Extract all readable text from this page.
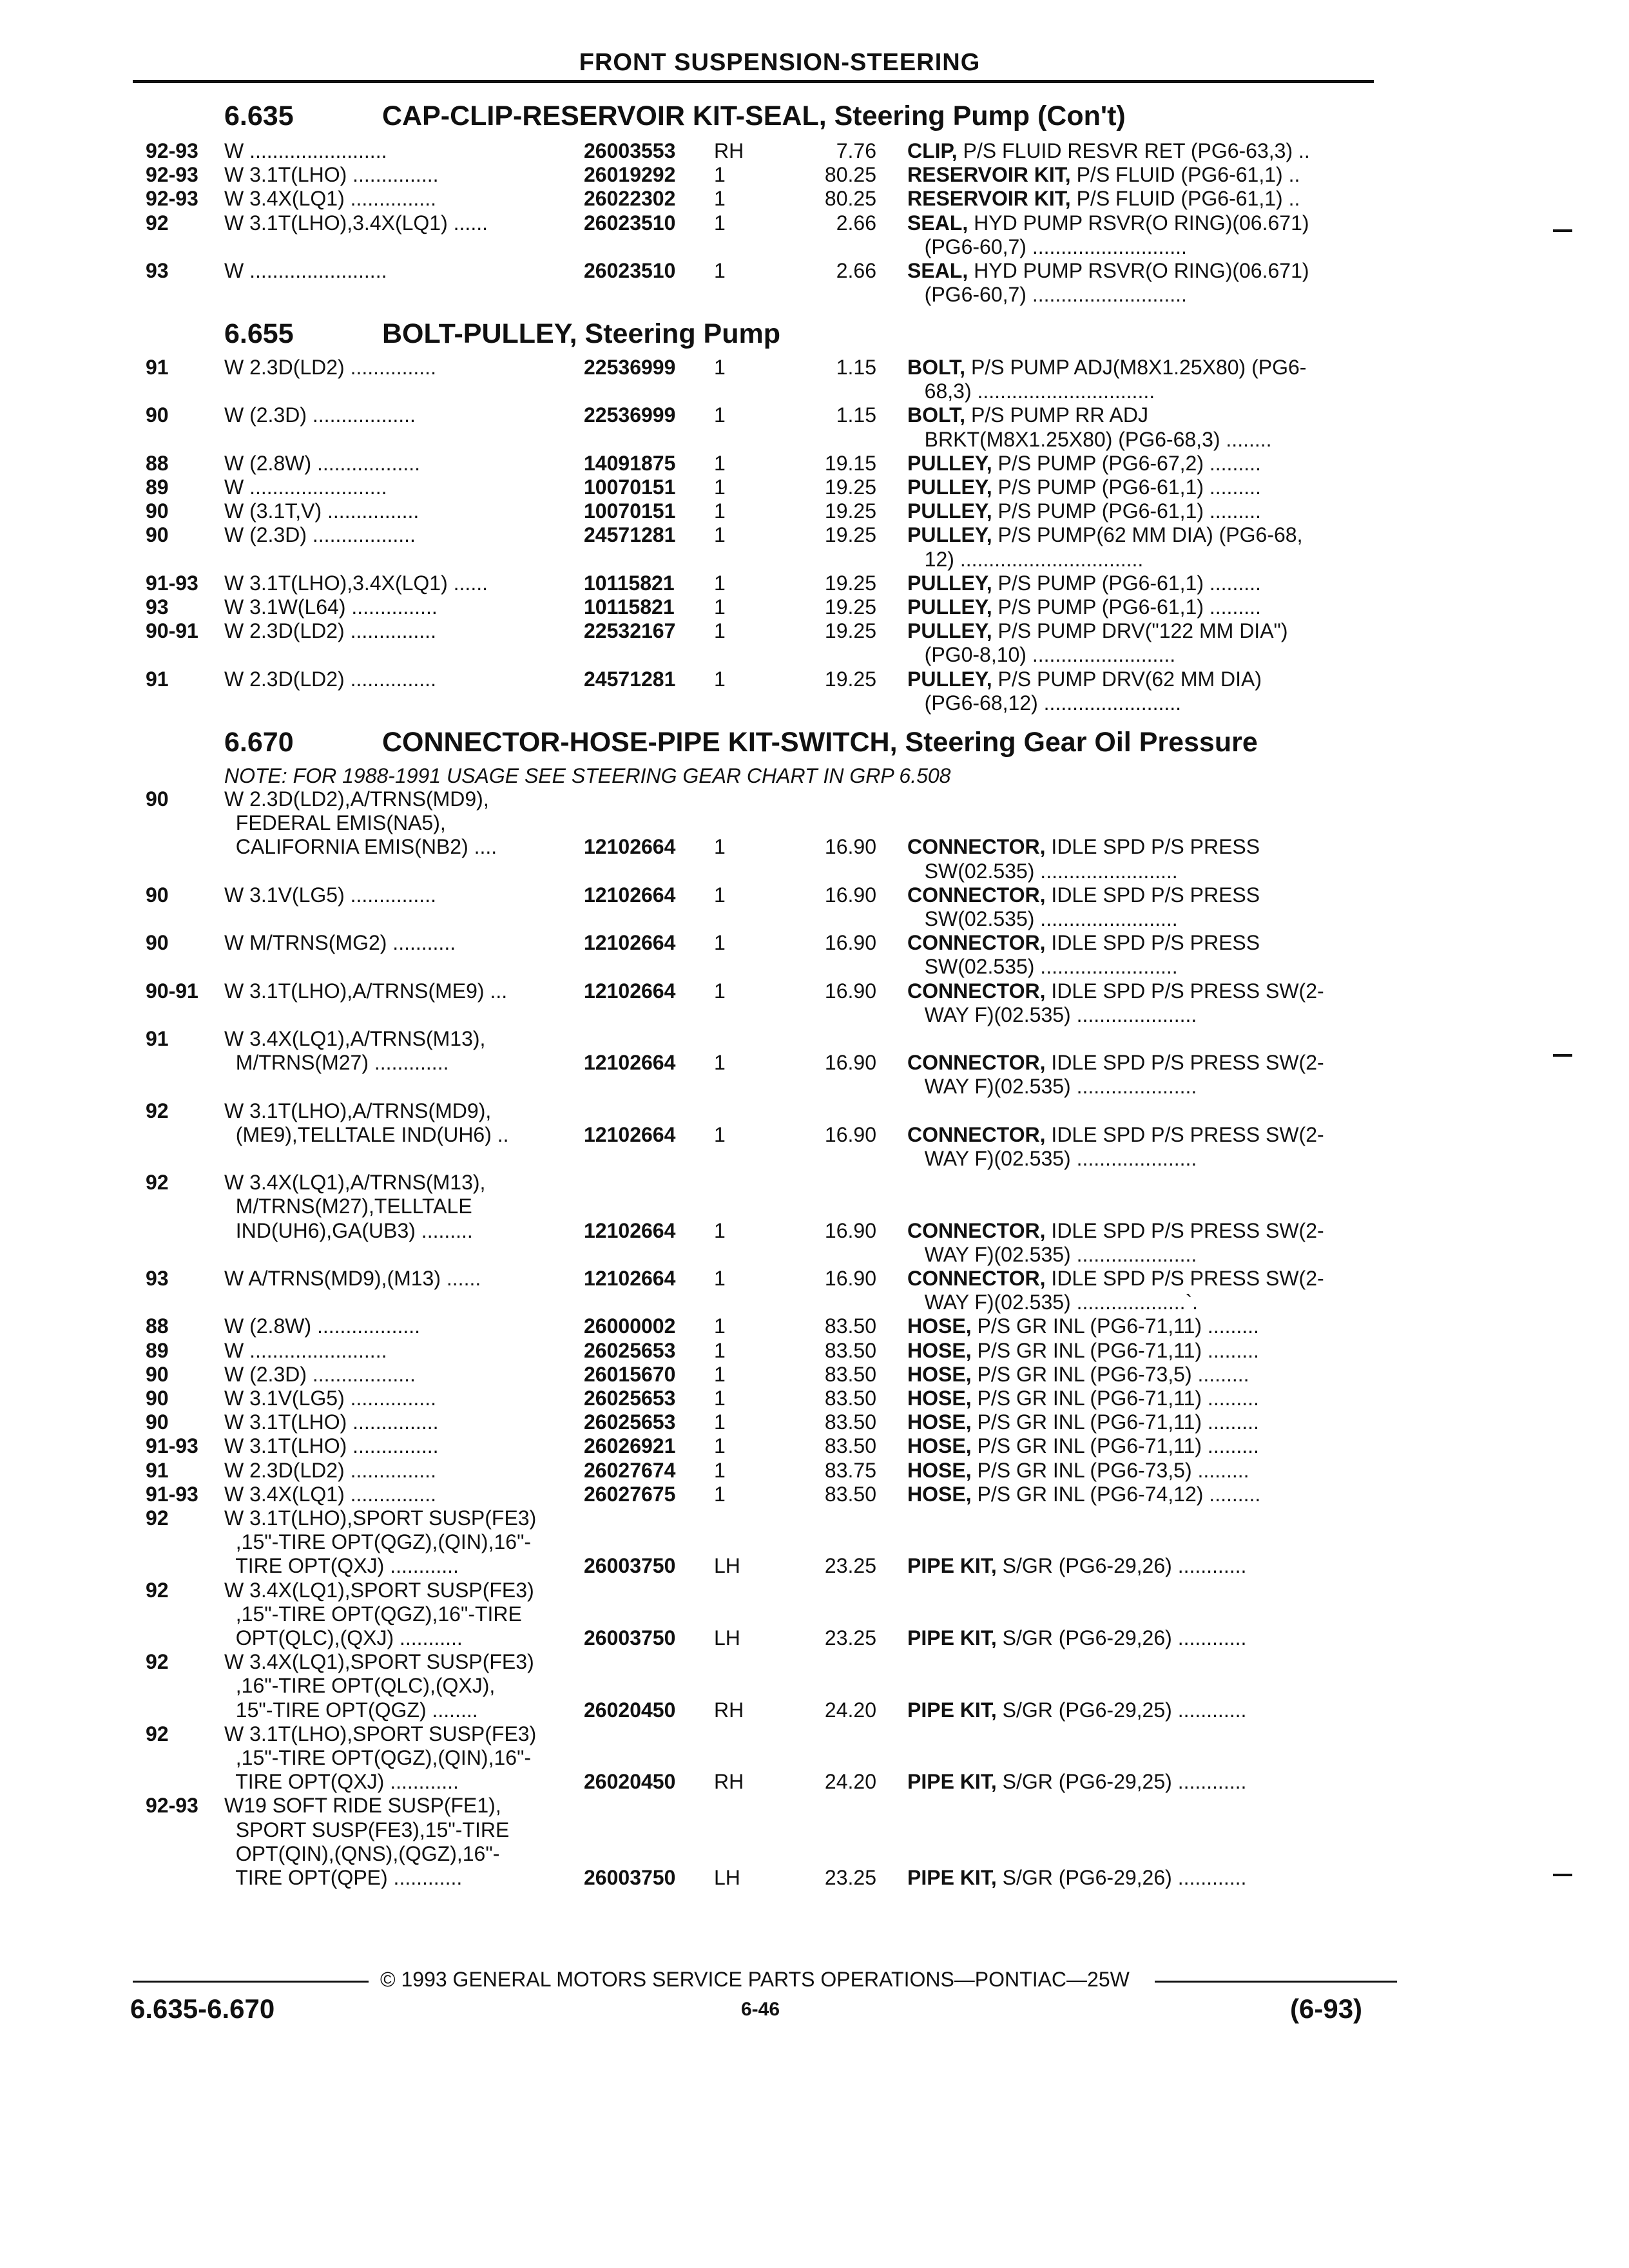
FRONT SUSPENSION-STEERING
6.635	CAP-CLIP-RESERVOIR KIT-SEAL, Steering Pump (Con't)
6.655	BOLT-PULLEY, Steering Pump
6.670	CONNECTOR-HOSE-PIPE KIT-SWITCH, Steering Gear Oil Pressure
NOTE: FOR 1988-1991 USAGE SEE STEERING GEAR CHART IN GRP 6.508
92-93 W ........................	26003553 RH	7.76 CLIP, P/S FLUID RESVR RET (PG6-63,3) ..
92-93 W 3.1T(LHO) ...............	26019292 1	80.25 RESERVOIR KIT, P/S FLUID (PG6-61,1) ..
92-93 W 3.4X(LQ1) ...............	26022302 1	80.25 RESERVOIR KIT, P/S FLUID (PG6-61,1) ..
92	W 3.1T(LHO),3.4X(LQ1) ......	26023510 1	2.66 SEAL, HYD PUMP RSVR(O RING)(06.671)
(PG6-60,7) ...........................
93	W ........................	26023510 1	2.66 SEAL, HYD PUMP RSVR(O RING)(06.671)
(PG6-60,7) ...........................
91	W 2.3D(LD2) ...............	22536999 1	1.15 BOLT, P/S PUMP ADJ(M8X1.25X80) (PG6-
68,3) ...............................
90	W (2.3D) ..................	22536999 1	1.15 BOLT, P/S PUMP RR ADJ
BRKT(M8X1.25X80) (PG6-68,3) ........
88	W (2.8W) ..................	14091875 1	19.15 PULLEY, P/S PUMP (PG6-67,2) .........
89	W ........................	10070151 1	19.25 PULLEY, P/S PUMP (PG6-61,1) .........
90	W (3.1T,V) ................	10070151 1	19.25 PULLEY, P/S PUMP (PG6-61,1) .........
90	W (2.3D) ..................	24571281 1	19.25 PULLEY, P/S PUMP(62 MM DIA) (PG6-68,
12) ................................
91-93 W 3.1T(LHO),3.4X(LQ1) ......	10115821 1	19.25 PULLEY, P/S PUMP (PG6-61,1) .........
93	W 3.1W(L64) ...............	10115821 1	19.25 PULLEY, P/S PUMP (PG6-61,1) .........
90-91 W 2.3D(LD2) ...............	22532167 1	19.25 PULLEY, P/S PUMP DRV("122 MM DIA")
(PG0-8,10) .........................
91	W 2.3D(LD2) ...............	24571281 1	19.25 PULLEY, P/S PUMP DRV(62 MM DIA)
(PG6-68,12) ........................
90	W 2.3D(LD2),A/TRNS(MD9),
FEDERAL EMIS(NA5),
CALIFORNIA EMIS(NB2) ....	12102664 1	16.90 CONNECTOR, IDLE SPD P/S PRESS
SW(02.535) ........................
90	W 3.1V(LG5) ...............	12102664 1	16.90 CONNECTOR, IDLE SPD P/S PRESS
SW(02.535) ........................
90	W M/TRNS(MG2) ...........	12102664 1	16.90 CONNECTOR, IDLE SPD P/S PRESS
SW(02.535) ........................
90-91 W 3.1T(LHO),A/TRNS(ME9) ...	12102664 1	16.90 CONNECTOR, IDLE SPD P/S PRESS SW(2-
WAY F)(02.535) .....................
91	W 3.4X(LQ1),A/TRNS(M13),
M/TRNS(M27) .............	12102664 1	16.90 CONNECTOR, IDLE SPD P/S PRESS SW(2-
WAY F)(02.535) .....................
92	W 3.1T(LHO),A/TRNS(MD9),
(ME9),TELLTALE IND(UH6) ..	12102664 1	16.90 CONNECTOR, IDLE SPD P/S PRESS SW(2-
WAY F)(02.535) .....................
92	W 3.4X(LQ1),A/TRNS(M13),
M/TRNS(M27),TELLTALE
IND(UH6),GA(UB3) .........	12102664 1	16.90 CONNECTOR, IDLE SPD P/S PRESS SW(2-
WAY F)(02.535) .....................
93	W A/TRNS(MD9),(M13) ......	12102664 1	16.90 CONNECTOR, IDLE SPD P/S PRESS SW(2-
WAY F)(02.535) ...................`.
88	W (2.8W) ..................	26000002 1	83.50 HOSE, P/S GR INL (PG6-71,11) .........
89	W ........................	26025653 1	83.50 HOSE, P/S GR INL (PG6-71,11) .........
90	W (2.3D) ..................	26015670 1	83.50 HOSE, P/S GR INL (PG6-73,5) .........
90	W 3.1V(LG5) ...............	26025653 1	83.50 HOSE, P/S GR INL (PG6-71,11) .........
90	W 3.1T(LHO) ...............	26025653 1	83.50 HOSE, P/S GR INL (PG6-71,11) .........
91-93 W 3.1T(LHO) ...............	26026921 1	83.50 HOSE, P/S GR INL (PG6-71,11) .........
91	W 2.3D(LD2) ...............	26027674 1	83.75 HOSE, P/S GR INL (PG6-73,5) .........
91-93 W 3.4X(LQ1) ...............	26027675 1	83.50 HOSE, P/S GR INL (PG6-74,12) .........
92	W 3.1T(LHO),SPORT SUSP(FE3)
,15"-TIRE OPT(QGZ),(QIN),16"-
TIRE OPT(QXJ) ............	26003750 LH	23.25 PIPE KIT, S/GR (PG6-29,26) ............
92	W 3.4X(LQ1),SPORT SUSP(FE3)
,15"-TIRE OPT(QGZ),16"-TIRE
OPT(QLC),(QXJ) ...........	26003750 LH	23.25 PIPE KIT, S/GR (PG6-29,26) ............
92	W 3.4X(LQ1),SPORT SUSP(FE3)
,16"-TIRE OPT(QLC),(QXJ),
15"-TIRE OPT(QGZ) ........	26020450 RH	24.20 PIPE KIT, S/GR (PG6-29,25) ............
92	W 3.1T(LHO),SPORT SUSP(FE3)
,15"-TIRE OPT(QGZ),(QIN),16"-
TIRE OPT(QXJ) ............	26020450 RH	24.20 PIPE KIT, S/GR (PG6-29,25) ............
92-93 W19 SOFT RIDE SUSP(FE1),
SPORT SUSP(FE3),15"-TIRE
OPT(QIN),(QNS),(QGZ),16"-
TIRE OPT(QPE) ............	26003750 LH	23.25 PIPE KIT, S/GR (PG6-29,26) ............
© 1993 GENERAL MOTORS SERVICE PARTS OPERATIONS—PONTIAC—25W
6.635-6.670	6-46	(6-93)
